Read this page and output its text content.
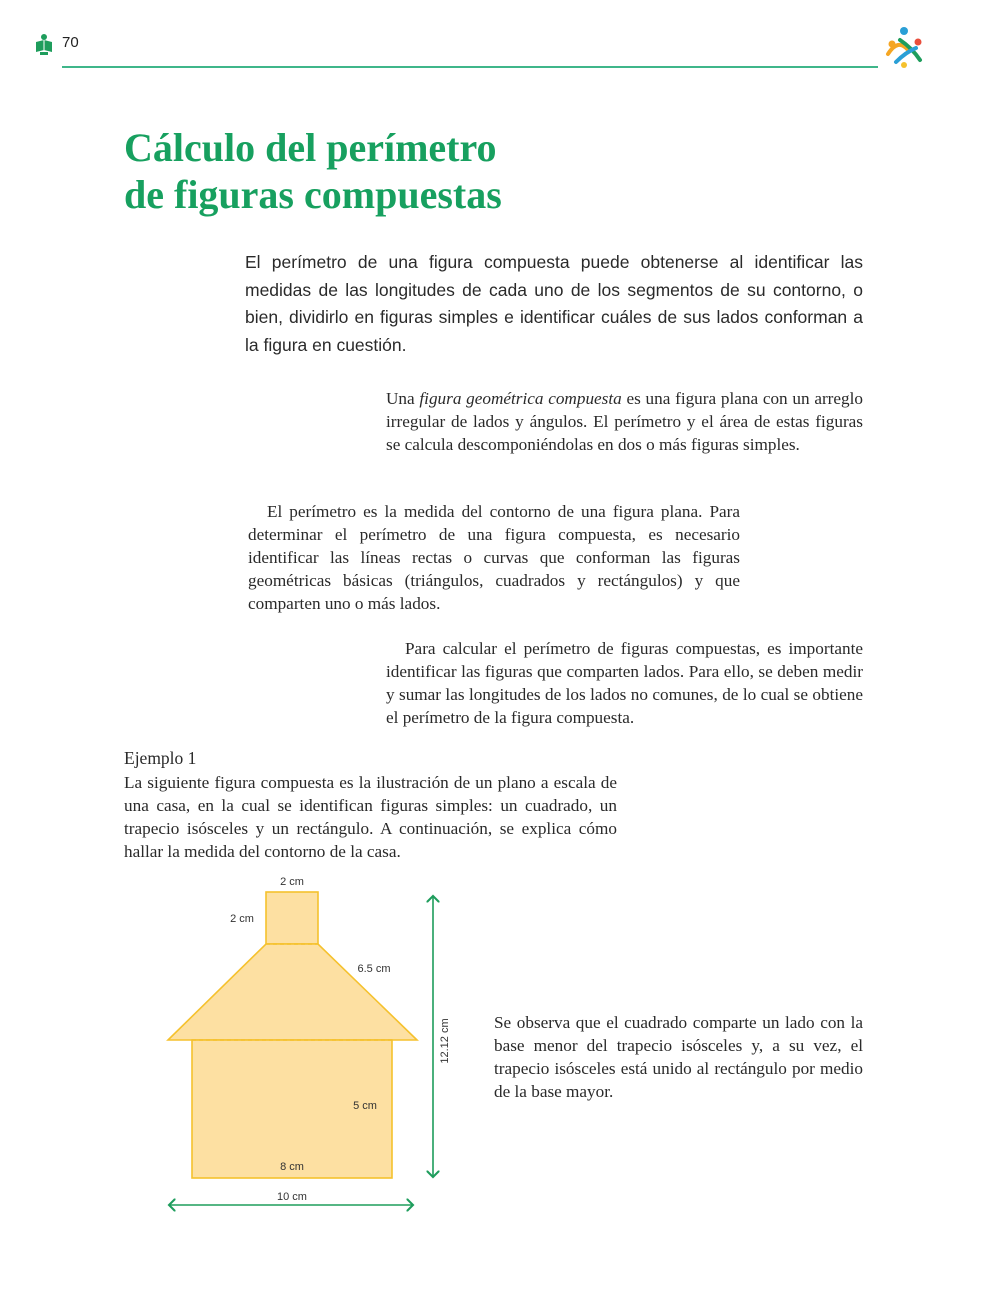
70
Cálculo del perímetro
de figuras compuestas

El perímetro de una figura compuesta puede obtenerse al identificar las medidas de las longitudes de cada uno de los segmentos de su contorno, o bien, dividirlo en figuras simples e identificar cuáles de sus lados conforman a la figura en cuestión.

Una figura geométrica compuesta es una figura plana con un arreglo irregular de lados y ángulos. El perímetro y el área de estas figuras se calcula descomponiéndolas en dos o más figuras simples.

El perímetro es la medida del contorno de una figura plana. Para determinar el perímetro de una figura compuesta, es necesario identificar las líneas rectas o curvas que conforman las figuras geométricas básicas (triángulos, cuadrados y rectángulos) y que comparten uno o más lados.

Para calcular el perímetro de figuras compuestas, es importante identificar las figuras que comparten lados. Para ello, se deben medir y sumar las longitudes de los lados no comunes, de lo cual se obtiene el perímetro de la figura compuesta.

Ejemplo 1

La siguiente figura compuesta es la ilustración de un plano a escala de una casa, en la cual se identifican figuras simples: un cuadrado, un trapecio isósceles y un rectángulo. A continuación, se explica cómo hallar la medida del contorno de la casa.

2 cm
2 cm
6.5 cm
5 cm
8 cm
10 cm
12.12 cm	Se observa que el cuadrado comparte un lado con la base menor del trapecio isósceles y, a su vez, el trapecio isósceles está unido al rectángulo por medio de la base mayor.
